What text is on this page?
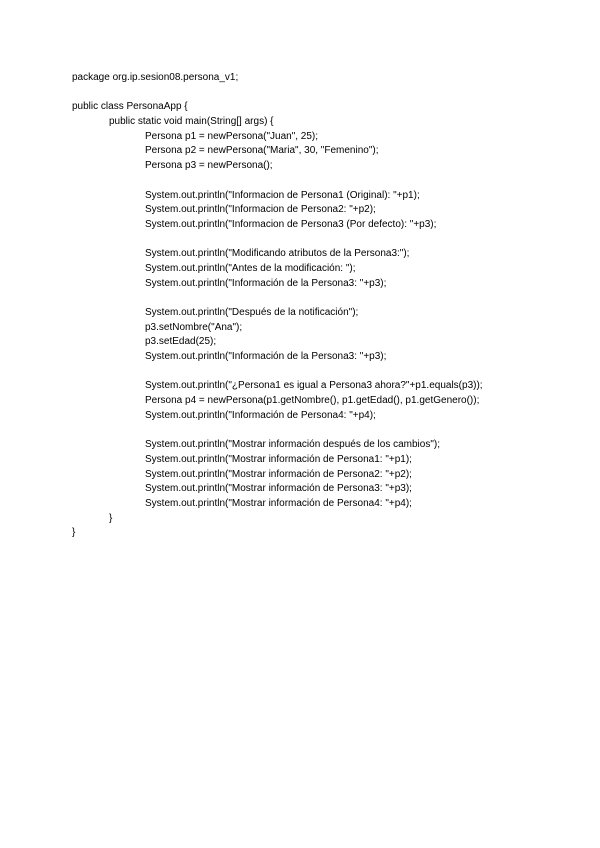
package org.ip.sesion08.persona_v1;
public class PersonaApp {
public static void main(String[] args) {
Persona p1 = newPersona("Juan", 25);
Persona p2 = newPersona("Maria", 30, "Femenino");
Persona p3 = newPersona();
System.out.println("Informacion de Persona1 (Original): "+p1);
System.out.println("Informacion de Persona2: "+p2);
System.out.println("Informacion de Persona3 (Por defecto): "+p3);
System.out.println("Modificando atributos de la Persona3:");
System.out.println("Antes de la modificación: ");
System.out.println("Información de la Persona3: "+p3);
System.out.println("Después de la notificación");
p3.setNombre("Ana");
p3.setEdad(25);
System.out.println("Información de la Persona3: "+p3);
System.out.println("¿Persona1 es igual a Persona3 ahora?"+p1.equals(p3));
Persona p4 = newPersona(p1.getNombre(), p1.getEdad(), p1.getGenero());
System.out.println("Información de Persona4: "+p4);
System.out.println("Mostrar información después de los cambios");
System.out.println("Mostrar información de Persona1: "+p1);
System.out.println("Mostrar información de Persona2: "+p2);
System.out.println("Mostrar información de Persona3: "+p3);
System.out.println("Mostrar información de Persona4: "+p4);
}
}
